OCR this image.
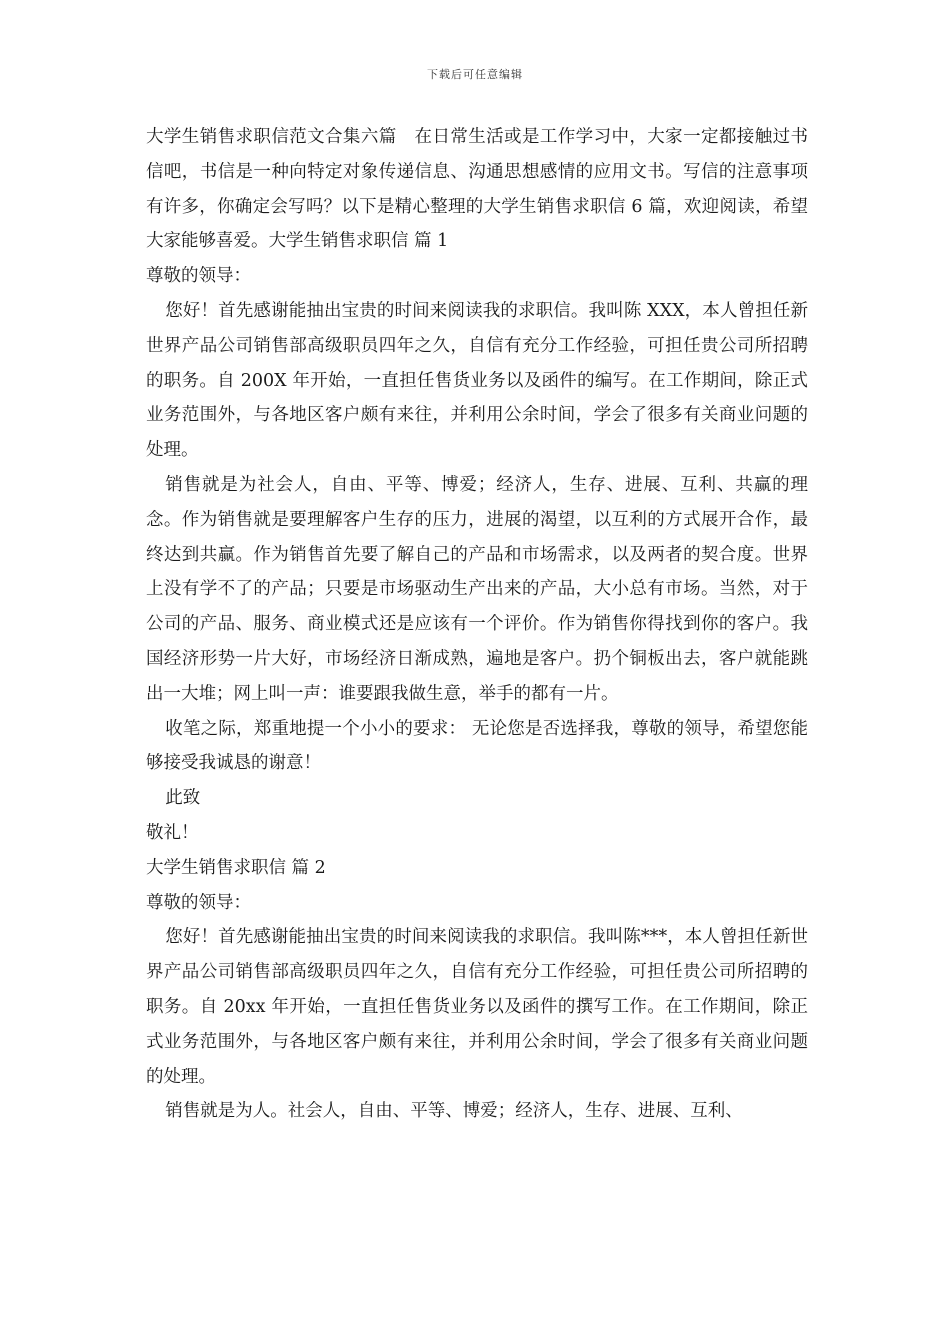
下载后可任意编辑

大学生销售求职信范文合集六篇　在日常生活或是工作学习中，大家一定都接触过书信吧，书信是一种向特定对象传递信息、沟通思想感情的应用文书。写信的注意事项有许多，你确定会写吗？以下是精心整理的大学生销售求职信 6 篇，欢迎阅读，希望大家能够喜爱。大学生销售求职信 篇 1

尊敬的领导：

您好！首先感谢能抽出宝贵的时间来阅读我的求职信。我叫陈 XXX，本人曾担任新世界产品公司销售部高级职员四年之久，自信有充分工作经验，可担任贵公司所招聘的职务。自 200X 年开始，一直担任售货业务以及函件的编写。在工作期间，除正式业务范围外，与各地区客户颇有来往，并利用公余时间，学会了很多有关商业问题的处理。

销售就是为社会人，自由、平等、博爱；经济人，生存、进展、互利、共赢的理念。作为销售就是要理解客户生存的压力，进展的渴望，以互利的方式展开合作，最终达到共赢。作为销售首先要了解自己的产品和市场需求，以及两者的契合度。世界上没有学不了的产品；只要是市场驱动生产出来的产品，大小总有市场。当然，对于公司的产品、服务、商业模式还是应该有一个评价。作为销售你得找到你的客户。我国经济形势一片大好，市场经济日渐成熟，遍地是客户。扔个铜板出去，客户就能跳出一大堆；网上叫一声：谁要跟我做生意，举手的都有一片。

收笔之际，郑重地提一个小小的要求： 无论您是否选择我，尊敬的领导，希望您能够接受我诚恳的谢意！

此致

敬礼！

大学生销售求职信 篇 2

尊敬的领导：

您好！首先感谢能抽出宝贵的时间来阅读我的求职信。我叫陈***，本人曾担任新世界产品公司销售部高级职员四年之久，自信有充分工作经验，可担任贵公司所招聘的职务。自 20xx 年开始，一直担任售货业务以及函件的撰写工作。在工作期间，除正式业务范围外，与各地区客户颇有来往，并利用公余时间，学会了很多有关商业问题的处理。

销售就是为人。社会人，自由、平等、博爱；经济人，生存、进展、互利、
